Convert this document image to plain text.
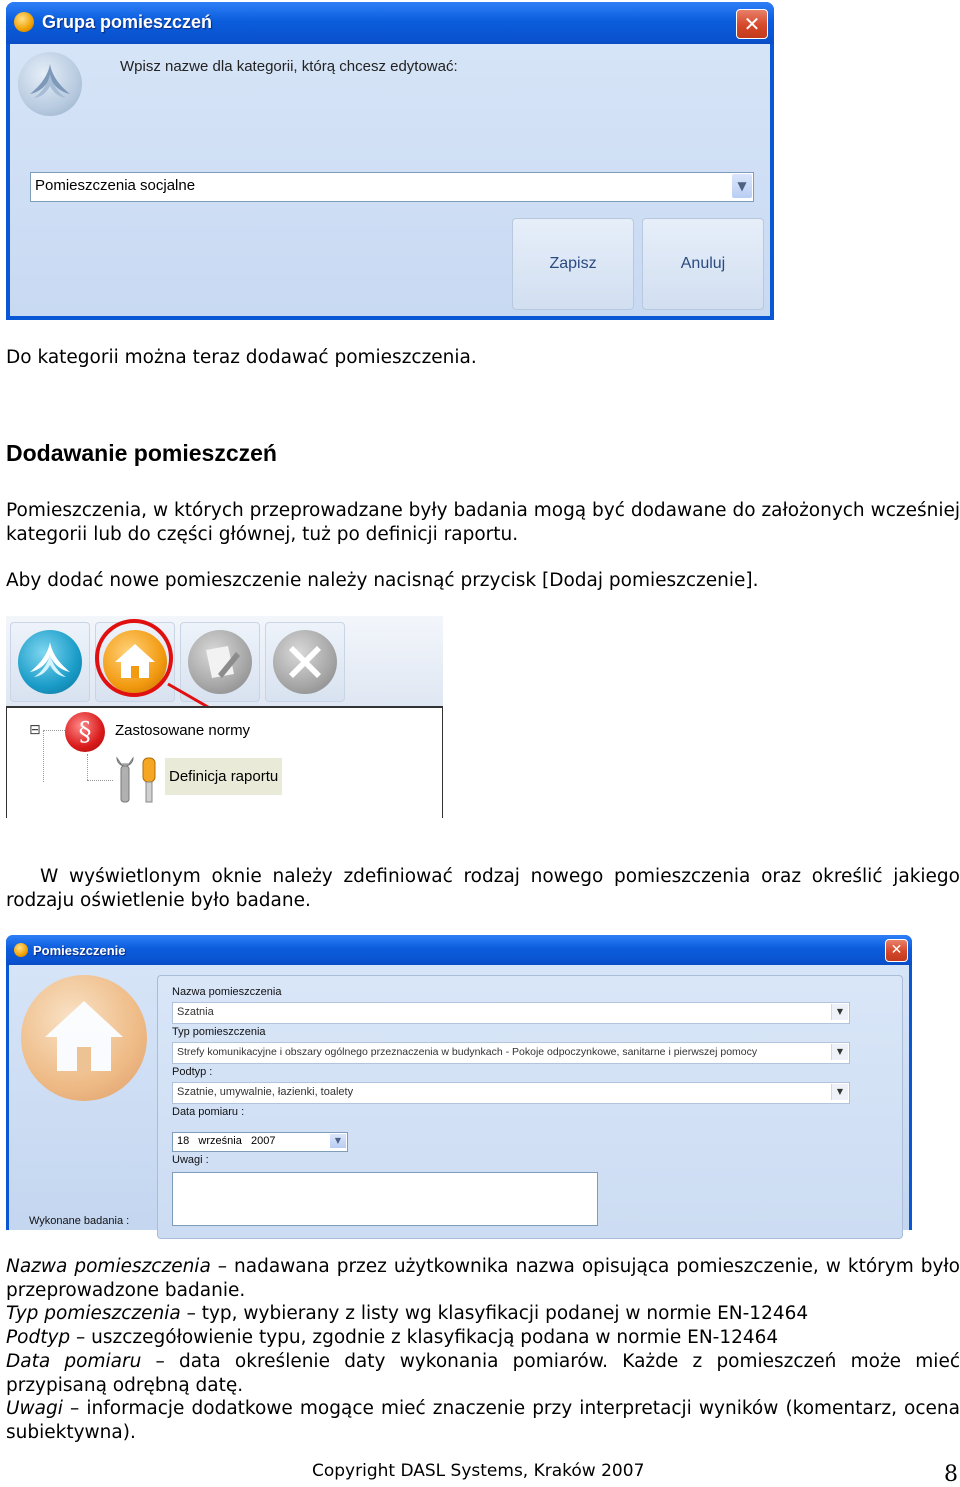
Grupa pomieszczeń	✕
Wpisz nazwe dla kategorii, którą chcesz edytować:
Pomieszczenia socjalne	▼
Zapisz	Anuluj
Do kategorii można teraz dodawać pomieszczenia.
Dodawanie pomieszczeń
Pomieszczenia, w których przeprowadzane były badania mogą być dodawane do założonych wcześniej kategorii lub do części głównej, tuż po definicji raportu.
Aby dodać nowe pomieszczenie należy nacisnąć przycisk [Dodaj pomieszczenie].
⊟	§	Zastosowane normy
Definicja raportu
W wyświetlonym oknie należy zdefiniować rodzaj nowego pomieszczenia oraz określić jakiego rodzaju oświetlenie było badane.
Pomieszczenie	✕
Nazwa pomieszczenia
Szatnia	▼
Typ pomieszczenia
Strefy komunikacyjne i obszary ogólnego przeznaczenia w budynkach - Pokoje odpoczynkowe, sanitarne i pierwszej pomocy	▼
Podtyp :
Szatnie, umywalnie, łazienki, toalety	▼
Data pomiaru :
18   września   2007	▼
Uwagi :
Wykonane badania :
Nazwa pomieszczenia – nadawana przez użytkownika nazwa opisująca pomieszczenie, w którym było przeprowadzone badanie.
Typ pomieszczenia – typ, wybierany z listy wg klasyfikacji podanej w normie EN-12464
Podtyp – uszczegółowienie typu, zgodnie z klasyfikacją podana w normie EN-12464
Data pomiaru – data określenie daty wykonania pomiarów. Każde z pomieszczeń może mieć przypisaną odrębną datę.
Uwagi – informacje dodatkowe mogące mieć znaczenie przy interpretacji wyników (komentarz, ocena subiektywna).
Copyright DASL Systems, Kraków 2007	8
